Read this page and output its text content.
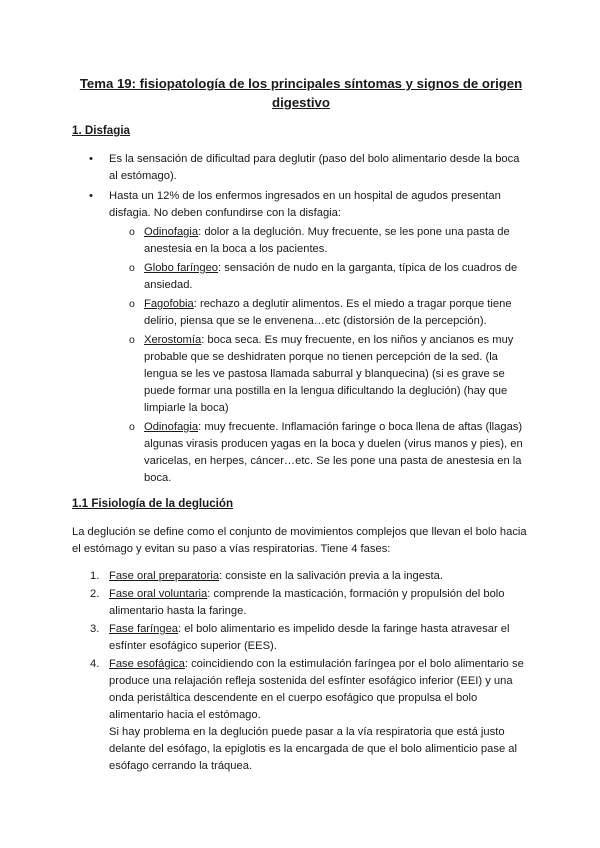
Tema 19: fisiopatología de los principales síntomas y signos de origen digestivo
1. Disfagia
• Es la sensación de dificultad para deglutir (paso del bolo alimentario desde la boca al estómago).
• Hasta un 12% de los enfermos ingresados en un hospital de agudos presentan disfagia. No deben confundirse con la disfagia:
o Odinofagia: dolor a la deglución. Muy frecuente, se les pone una pasta de anestesia en la boca a los pacientes.
o Globo faríngeo: sensación de nudo en la garganta, típica de los cuadros de ansiedad.
o Fagofobia: rechazo a deglutir alimentos. Es el miedo a tragar porque tiene delirio, piensa que se le envenena…etc (distorsión de la percepción).
o Xerostomía: boca seca. Es muy frecuente, en los niños y ancianos es muy probable que se deshidraten porque no tienen percepción de la sed. (la lengua se les ve pastosa llamada saburral y blanquecina) (si es grave se puede formar una postilla en la lengua dificultando la deglución) (hay que limpiarle la boca)
o Odinofagia: muy frecuente. Inflamación faringe o boca llena de aftas (llagas) algunas virasis producen yagas en la boca y duelen (virus manos y pies), en varicelas, en herpes, cáncer…etc. Se les pone una pasta de anestesia en la boca.
1.1 Fisiología de la deglución

La deglución se define como el conjunto de movimientos complejos que llevan el bolo hacia el estómago y evitan su paso a vías respiratorias. Tiene 4 fases:

1. Fase oral preparatoria: consiste en la salivación previa a la ingesta.
2. Fase oral voluntaria: comprende la masticación, formación y propulsión del bolo alimentario hasta la faringe.
3. Fase faríngea: el bolo alimentario es impelido desde la faringe hasta atravesar el esfínter esofágico superior (EES).
4. Fase esofágica: coincidiendo con la estimulación faríngea por el bolo alimentario se produce una relajación refleja sostenida del esfínter esofágico inferior (EEI) y una onda peristáltica descendente en el cuerpo esofágico que propulsa el bolo alimentario hacia el estómago.
Si hay problema en la deglución puede pasar a la vía respiratoria que está justo delante del esófago, la epiglotis es la encargada de que el bolo alimenticio pase al esófago cerrando la tráquea.
